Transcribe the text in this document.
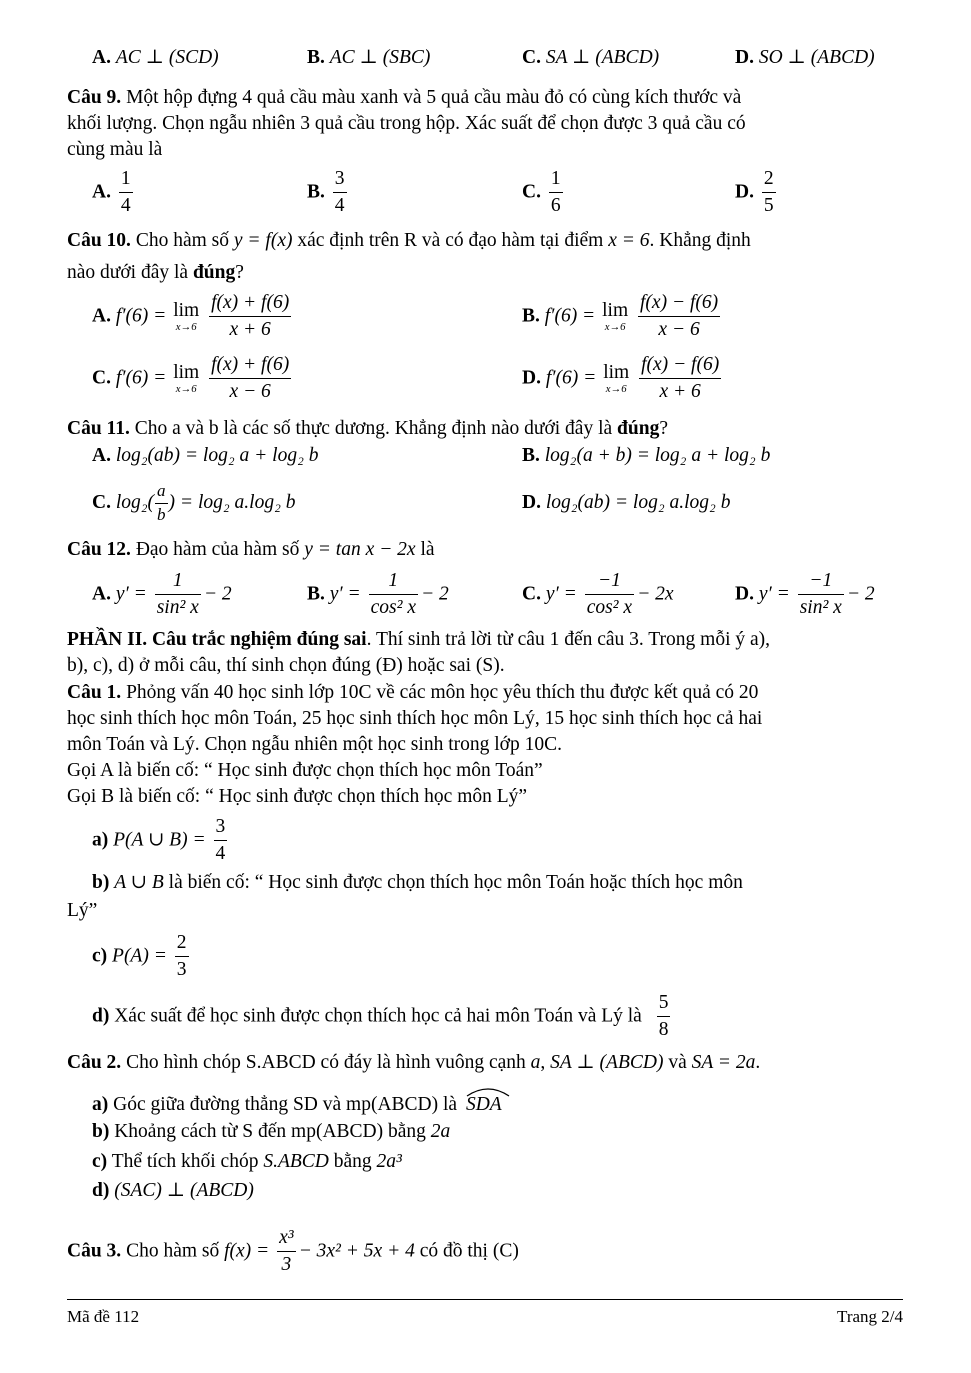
A. AC ⊥ (SCD)	B. AC ⊥ (SBC)	C. SA ⊥ (ABCD)	D. SO ⊥ (ABCD)
Câu 9. Một hộp đựng 4 quả cầu màu xanh và 5 quả cầu màu đỏ có cùng kích thước và
khối lượng. Chọn ngẫu nhiên 3 quả cầu trong hộp. Xác suất để chọn được 3 quả cầu có
cùng màu là
A. $\frac{1}{4}$	B. $\frac{3}{4}$	C. $\frac{1}{6}$	D. $\frac{2}{5}$
Câu 10. Cho hàm số y = f(x) xác định trên R và có đạo hàm tại điểm x = 6. Khẳng định
nào dưới đây là đúng?
A. f′(6) = lim
x→6
$\frac{f(x) + f(6)}{x + 6}$	B. f′(6) = lim
x→6
$\frac{f(x) - f(6)}{x - 6}$
C. f′(6) = lim
x→6
$\frac{f(x) + f(6)}{x - 6}$	D. f′(6) = lim
x→6
$\frac{f(x) - f(6)}{x + 6}$
Câu 11. Cho a và b là các số thực dương. Khẳng định nào dưới đây là đúng?
A. log₂(ab) = log₂ a + log₂ b	B. log₂(a + b) = log₂ a + log₂ b
C. $\log_2( \frac{a}{b}$ ) = log₂ a.log₂ b	D. log₂(ab) = log₂ a.log₂ b
Câu 12. Đạo hàm của hàm số y = tan x − 2x là
A. $y' = \frac{1}{\text{sin² x}} - 2$	B. $y' = \frac{1}{\text{cos² x}} - 2$	C. $y' = \frac{-1}{\text{cos² x}} - 2x$	D. $y' = \frac{-1}{\text{sin² x}} - 2$
PHẦN II. Câu trắc nghiệm đúng sai. Thí sinh trả lời từ câu 1 đến câu 3. Trong mỗi ý a),
b), c), d) ở mỗi câu, thí sinh chọn đúng (Đ) hoặc sai (S).
Câu 1. Phỏng vấn 40 học sinh lớp 10C về các môn học yêu thích thu được kết quả có 20
học sinh thích học môn Toán, 25 học sinh thích học môn Lý, 15 học sinh thích học cả hai
môn Toán và Lý. Chọn ngẫu nhiên một học sinh trong lớp 10C.
Gọi A là biến cố: “ Học sinh được chọn thích học môn Toán”
Gọi B là biến cố: “ Học sinh được chọn thích học môn Lý”
a) P(A ∪ $B) = \frac{3}{4}$
b) A ∪ B là biến cố: “ Học sinh được chọn thích học môn Toán hoặc thích học môn
Lý”
c) $P(A) = \frac{2}{3}$
d) Xác suất để học sinh được chọn thích học cả hai môn Toán và Lý là $\frac{5}{8}$
Câu 2. Cho hình chóp S.ABCD có đáy là hình vuông cạnh a, SA ⊥ (ABCD) và SA = 2a.
a) Góc giữa đường thẳng SD và mp(ABCD) là SDA
b) Khoảng cách từ S đến mp(ABCD) bằng 2a
c) Thể tích khối chóp S.ABCD bằng 2a³
d) (SAC) ⊥ (ABCD)
Câu 3. Cho hàm số $f(x) = \frac{\text{x³}}{3} - 3x^2 + 5x + 4$ có đồ thị (C)
Mã đề 112	Trang 2/4
